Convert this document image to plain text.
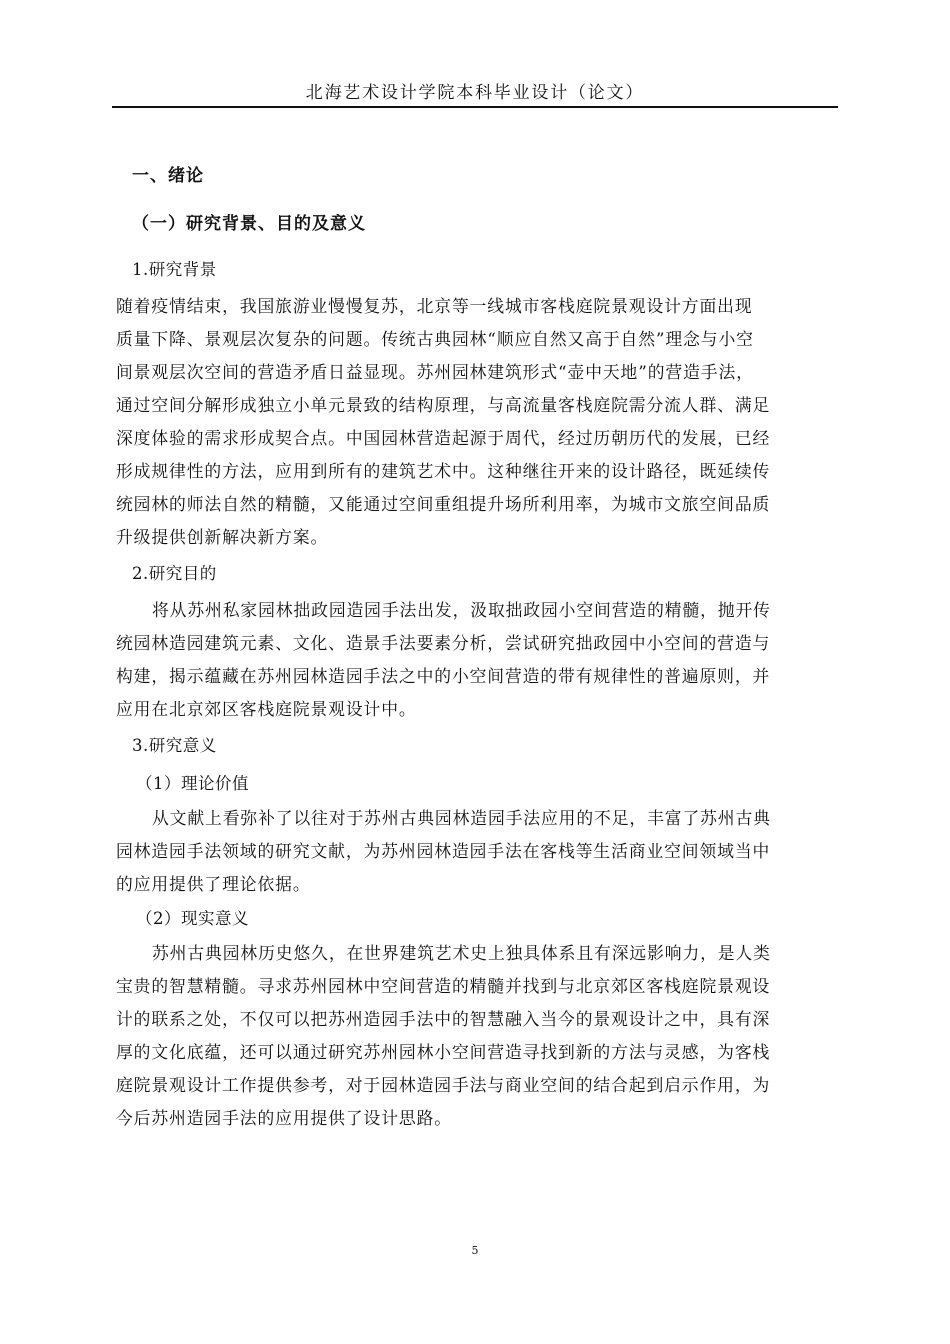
北海艺术设计学院本科毕业设计（论文）
一、绪论
（一）研究背景、目的及意义
1.研究背景

随着疫情结束，我国旅游业慢慢复苏，北京等一线城市客栈庭院景观设计方面出现
质量下降、景观层次复杂的问题。传统古典园林“顺应自然又高于自然”理念与小空
间景观层次空间的营造矛盾日益显现。苏州园林建筑形式“壶中天地”的营造手法，
通过空间分解形成独立小单元景致的结构原理，与高流量客栈庭院需分流人群、满足
深度体验的需求形成契合点。中国园林营造起源于周代，经过历朝历代的发展，已经
形成规律性的方法，应用到所有的建筑艺术中。这种继往开来的设计路径，既延续传
统园林的师法自然的精髓，又能通过空间重组提升场所利用率，为城市文旅空间品质
升级提供创新解决新方案。

2.研究目的

将从苏州私家园林拙政园造园手法出发，汲取拙政园小空间营造的精髓，抛开传
统园林造园建筑元素、文化、造景手法要素分析，尝试研究拙政园中小空间的营造与
构建，揭示蕴藏在苏州园林造园手法之中的小空间营造的带有规律性的普遍原则，并
应用在北京郊区客栈庭院景观设计中。

3.研究意义
（1）理论价值

从文献上看弥补了以往对于苏州古典园林造园手法应用的不足，丰富了苏州古典
园林造园手法领域的研究文献，为苏州园林造园手法在客栈等生活商业空间领域当中
的应用提供了理论依据。

（2）现实意义

苏州古典园林历史悠久，在世界建筑艺术史上独具体系且有深远影响力，是人类
宝贵的智慧精髓。寻求苏州园林中空间营造的精髓并找到与北京郊区客栈庭院景观设
计的联系之处，不仅可以把苏州造园手法中的智慧融入当今的景观设计之中，具有深
厚的文化底蕴，还可以通过研究苏州园林小空间营造寻找到新的方法与灵感，为客栈
庭院景观设计工作提供参考，对于园林造园手法与商业空间的结合起到启示作用，为
今后苏州造园手法的应用提供了设计思路。

5
